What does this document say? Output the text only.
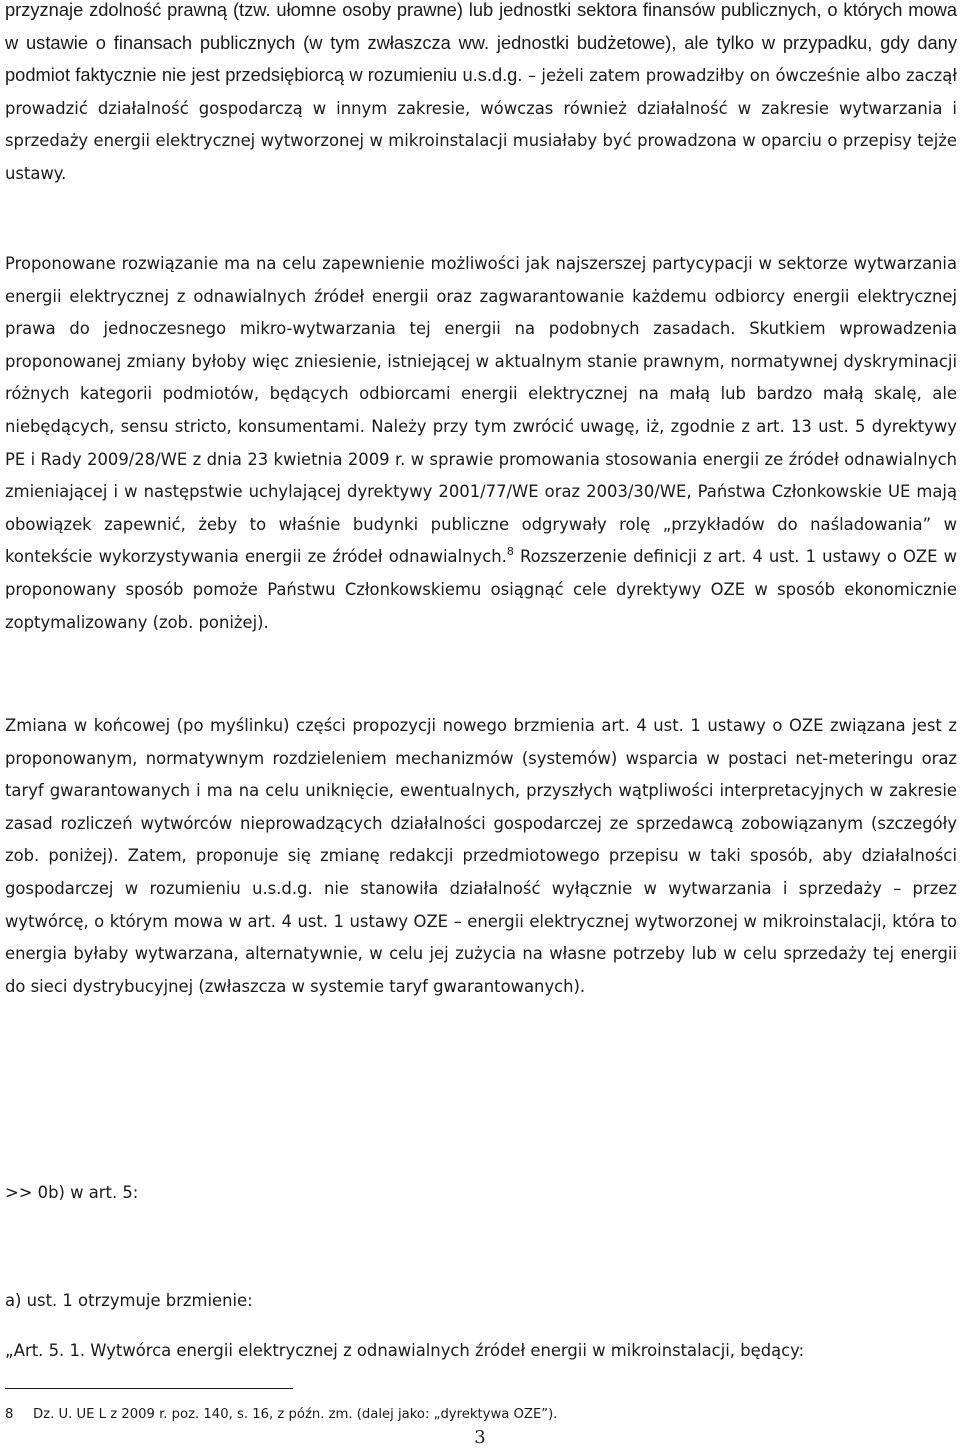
przyznaje zdolność prawną (tzw. ułomne osoby prawne) lub jednostki sektora finansów publicznych, o których mowa w ustawie o finansach publicznych (w tym zwłaszcza ww. jednostki budżetowe), ale tylko w przypadku, gdy dany podmiot faktycznie nie jest przedsiębiorcą w rozumieniu u.s.d.g. – jeżeli zatem prowadziłby on ówcześnie albo zaczął prowadzić działalność gospodarczą w innym zakresie, wówczas również działalność w zakresie wytwarzania i sprzedaży energii elektrycznej wytworzonej w mikroinstalacji musiałaby być prowadzona w oparciu o przepisy tejże ustawy.

Proponowane rozwiązanie ma na celu zapewnienie możliwości jak najszerszej partycypacji w sektorze wytwarzania energii elektrycznej z odnawialnych źródeł energii oraz zagwarantowanie każdemu odbiorcy energii elektrycznej prawa do jednoczesnego mikro-wytwarzania tej energii na podobnych zasadach. Skutkiem wprowadzenia proponowanej zmiany byłoby więc zniesienie, istniejącej w aktualnym stanie prawnym, normatywnej dyskryminacji różnych kategorii podmiotów, będących odbiorcami energii elektrycznej na małą lub bardzo małą skalę, ale niebędących, sensu stricto, konsumentami. Należy przy tym zwrócić uwagę, iż, zgodnie z art. 13 ust. 5 dyrektywy PE i Rady 2009/28/WE z dnia 23 kwietnia 2009 r. w sprawie promowania stosowania energii ze źródeł odnawialnych zmieniającej i w następstwie uchylającej dyrektywy 2001/77/WE oraz 2003/30/WE, Państwa Członkowskie UE mają obowiązek zapewnić, żeby to właśnie budynki publiczne odgrywały rolę „przykładów do naśladowania” w kontekście wykorzystywania energii ze źródeł odnawialnych.$^8$ Rozszerzenie definicji z art. 4 ust. 1 ustawy o OZE w proponowany sposób pomoże Państwu Członkowskiemu osiągnąć cele dyrektywy OZE w sposób ekonomicznie zoptymalizowany (zob. poniżej).

Zmiana w końcowej (po myślinku) części propozycji nowego brzmienia art. 4 ust. 1 ustawy o OZE związana jest z proponowanym, normatywnym rozdzieleniem mechanizmów (systemów) wsparcia w postaci net-meteringu oraz taryf gwarantowanych i ma na celu uniknięcie, ewentualnych, przyszłych wątpliwości interpretacyjnych w zakresie zasad rozliczeń wytwórców nieprowadzących działalności gospodarczej ze sprzedawcą zobowiązanym (szczegóły zob. poniżej). Zatem, proponuje się zmianę redakcji przedmiotowego przepisu w taki sposób, aby działalności gospodarczej w rozumieniu u.s.d.g. nie stanowiła działalność wyłącznie w wytwarzania i sprzedaży – przez wytwórcę, o którym mowa w art. 4 ust. 1 ustawy OZE – energii elektrycznej wytworzonej w mikroinstalacji, która to energia byłaby wytwarzana, alternatywnie, w celu jej zużycia na własne potrzeby lub w celu sprzedaży tej energii do sieci dystrybucyjnej (zwłaszcza w systemie taryf gwarantowanych).

>> 0b) w art. 5:

a) ust. 1 otrzymuje brzmienie:

„Art. 5. 1. Wytwórca energii elektrycznej z odnawialnych źródeł energii w mikroinstalacji, będący:

8 Dz. U. UE L z 2009 r. poz. 140, s. 16, z późn. zm. (dalej jako: „dyrektywa OZE”).
3
